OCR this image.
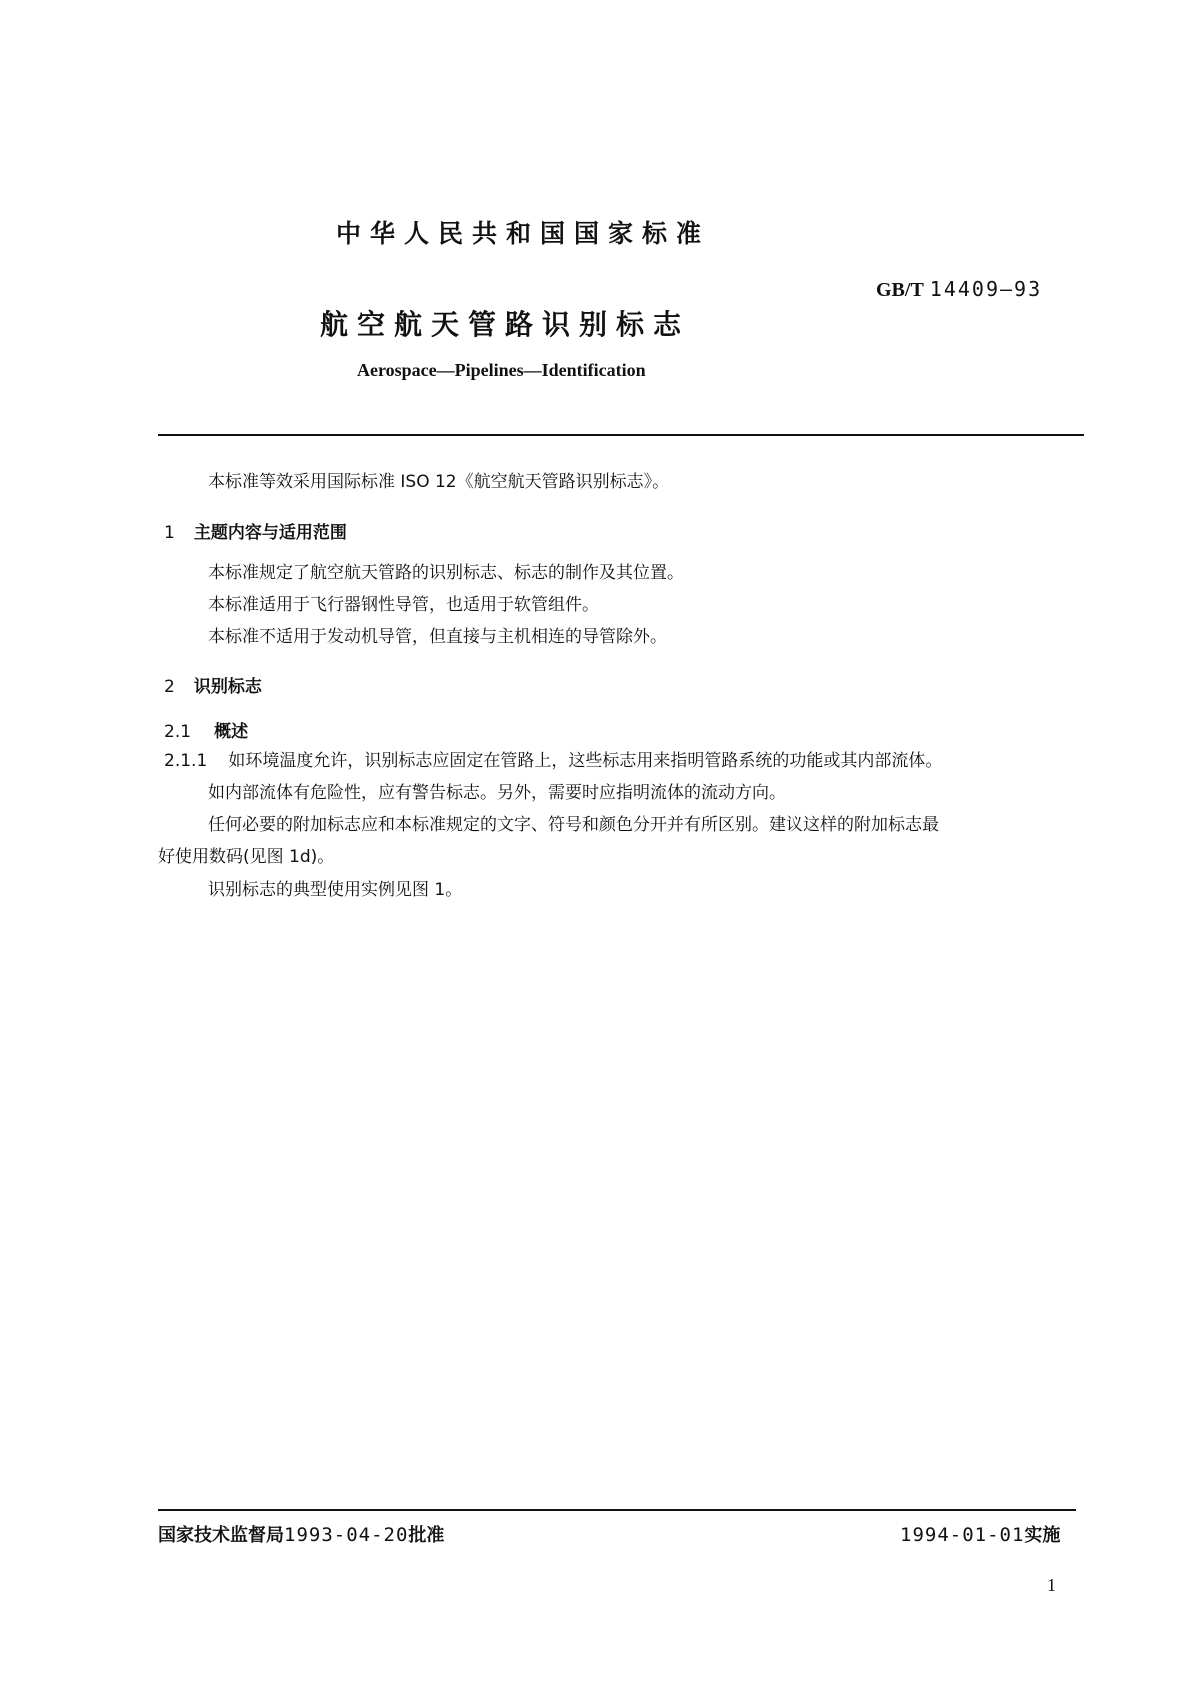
中华人民共和国国家标准
GB/T 14409—93
航空航天管路识别标志
Aerospace—Pipelines—Identification
本标准等效采用国际标准 ISO 12《航空航天管路识别标志》。
1 主题内容与适用范围
本标准规定了航空航天管路的识别标志、标志的制作及其位置。
本标准适用于飞行器钢性导管，也适用于软管组件。
本标准不适用于发动机导管，但直接与主机相连的导管除外。
2 识别标志
2.1 概述
2.1.1 如环境温度允许，识别标志应固定在管路上，这些标志用来指明管路系统的功能或其内部流体。
如内部流体有危险性，应有警告标志。另外，需要时应指明流体的流动方向。
任何必要的附加标志应和本标准规定的文字、符号和颜色分开并有所区别。建议这样的附加标志最
好使用数码(见图 1d)。
识别标志的典型使用实例见图 1。
国家技术监督局1993-04-20批准	1994-01-01实施
1
